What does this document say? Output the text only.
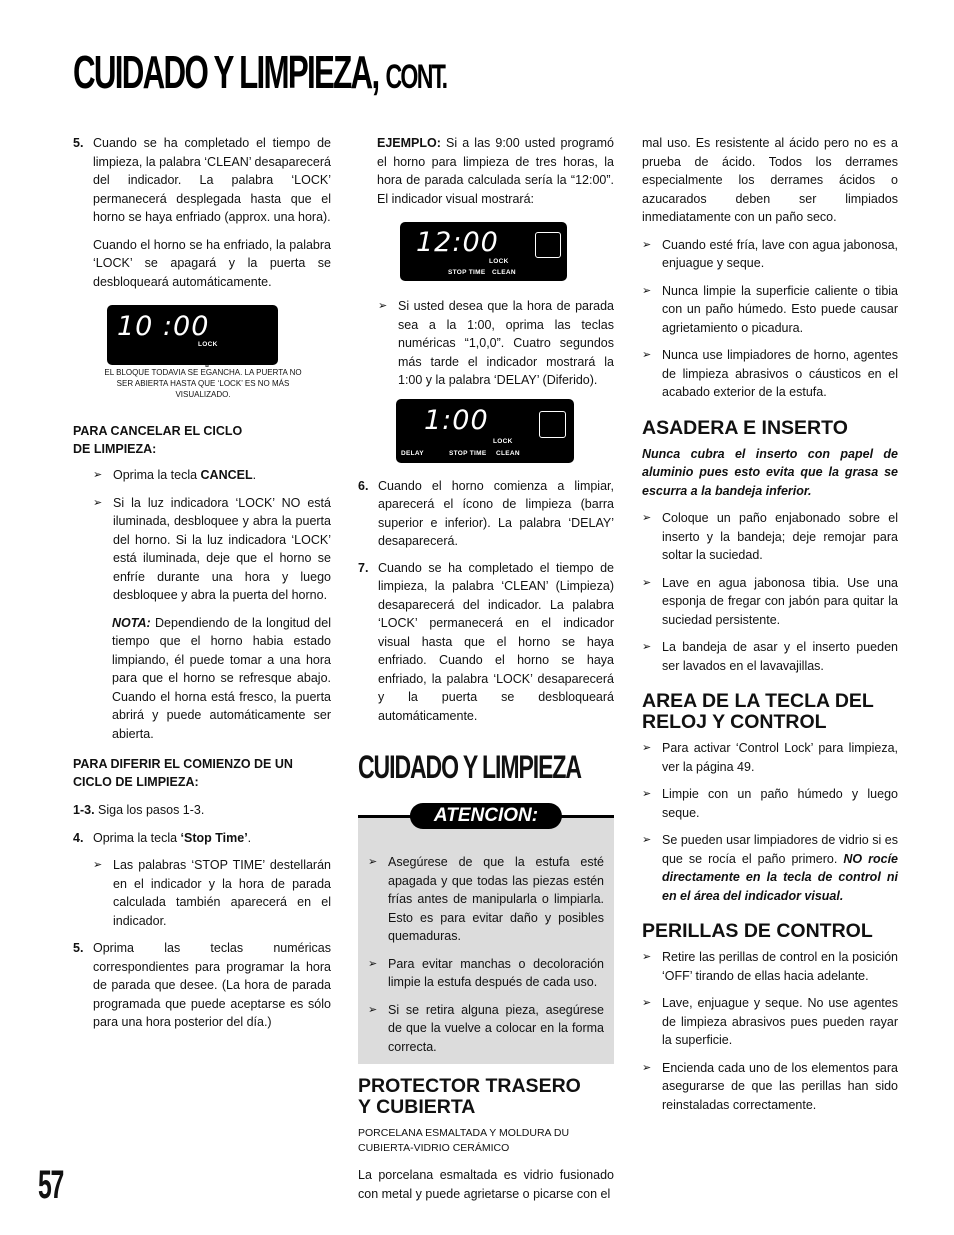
CUIDADO Y LIMPIEZA, CONT.
5. Cuando se ha completado el tiempo de limpieza, la palabra ‘CLEAN’ desaparecerá del indicador. La palabra ‘LOCK’ permanecerá desplegada hasta que el horno se haya enfriado (approx. una hora).

Cuando el horno se ha enfriado, la palabra ‘LOCK’ se apagará y la puerta se desbloqueará automáticamente.

10 :00
LOCK
EL BLOQUE TODAVIA SE EGANCHA. LA PUERTA NO SER ABIERTA HASTA QUE ‘LOCK’ ES NO MÁS VISUALIZADO.
PARA CANCELAR EL CICLO DE LIMPIEZA:
➢ Oprima la tecla CANCEL.
➢ Si la luz indicadora ‘LOCK’ NO está iluminada, desbloquee y abra la puerta del horno. Si la luz indicadora ‘LOCK’ está iluminada, deje que el horno se enfríe durante una hora y luego desbloquee y abra la puerta del horno.

NOTA: Dependiendo de la longitud del tiempo que el horno habia estado limpiando, él puede tomar a una hora para que el horno se refresque abajo. Cuando el horna está fresco, la puerta abrirá y puede automáticamente ser abierta.

PARA DIFERIR EL COMIENZO DE UN CICLO DE LIMPIEZA:

1-3. Siga los pasos 1-3.

4. Oprima la tecla ‘Stop Time’.
➢ Las palabras ‘STOP TIME’ destellarán en el indicador y la hora de parada calculada también aparecerá en el indicador.
5. Oprima las teclas numéricas correspondientes para programar la hora de parada que desee. (La hora de parada programada que puede aceptarse es sólo para una hora posterior del día.)

EJEMPLO: Si a las 9:00 usted programó el horno para limpieza de tres horas, la hora de parada calculada sería la “12:00”. El indicador visual mostrará:

12:00
LOCK
STOP TIME CLEAN
➢ Si usted desea que la hora de parada sea a la 1:00, oprima las teclas numéricas “1,0,0”. Cuatro segundos más tarde el indicador mostrará la 1:00 y la palabra ‘DELAY’ (Diferido).
1:00
LOCK
DELAY	STOP TIME CLEAN
6. Cuando el horno comienza a limpiar, aparecerá el ícono de limpieza (barra superior e inferior). La palabra ‘DELAY’ desaparecerá.
7. Cuando se ha completado el tiempo de limpieza, la palabra ‘CLEAN’ (Limpieza) desaparecerá del indicador. La palabra ‘LOCK’ permanecerá en el indicador visual hasta que el horno se haya enfriado. Cuando el horno se haya enfriado, la palabra ‘LOCK’ desaparecerá y la puerta se desbloqueará automáticamente.
CUIDADO Y LIMPIEZA
ATENCION:
➢ Asegúrese de que la estufa esté apagada y que todas las piezas estén frías antes de manipularla o limpiarla. Esto es para evitar daño y posibles quemaduras.
➢ Para evitar manchas o decoloración limpie la estufa después de cada uso.
➢ Si se retira alguna pieza, asegúrese de que la vuelve a colocar en la forma correcta.
PROTECTOR TRASERO Y CUBIERTA
PORCELANA ESMALTADA Y MOLDURA DU CUBIERTA-VIDRIO CERÁMICO

La porcelana esmaltada es vidrio fusionado con metal y puede agrietarse o picarse con el

mal uso. Es resistente al ácido pero no es a prueba de ácido. Todos los derrames especialmente los derrames ácidos o azucarados deben ser limpiados inmediatamente con un paño seco.

➢ Cuando esté fría, lave con agua jabonosa, enjuague y seque.
➢ Nunca limpie la superficie caliente o tibia con un paño húmedo. Esto puede causar agrietamiento o picadura.
➢ Nunca use limpiadores de horno, agentes de limpieza abrasivos o cáusticos en el acabado exterior de la estufa.
ASADERA E INSERTO

Nunca cubra el inserto con papel de aluminio pues esto evita que la grasa se escurra a la bandeja inferior.

➢ Coloque un paño enjabonado sobre el inserto y la bandeja; deje remojar para soltar la suciedad.
➢ Lave en agua jabonosa tibia. Use una esponja de fregar con jabón para quitar la suciedad persistente.
➢ La bandeja de asar y el inserto pueden ser lavados en el lavavajillas.
AREA DE LA TECLA DEL RELOJ Y CONTROL
➢ Para activar ‘Control Lock’ para limpieza, ver la página 49.
➢ Limpie con un paño húmedo y luego seque.
➢ Se pueden usar limpiadores de vidrio si es que se rocía el paño primero. NO rocíe directamente en la tecla de control ni en el área del indicador visual.
PERILLAS DE CONTROL
➢ Retire las perillas de control en la posición ‘OFF’ tirando de ellas hacia adelante.
➢ Lave, enjuague y seque. No use agentes de limpieza abrasivos pues pueden rayar la superficie.
➢ Encienda cada uno de los elementos para asegurarse de que las perillas han sido reinstaladas correctamente.
57
